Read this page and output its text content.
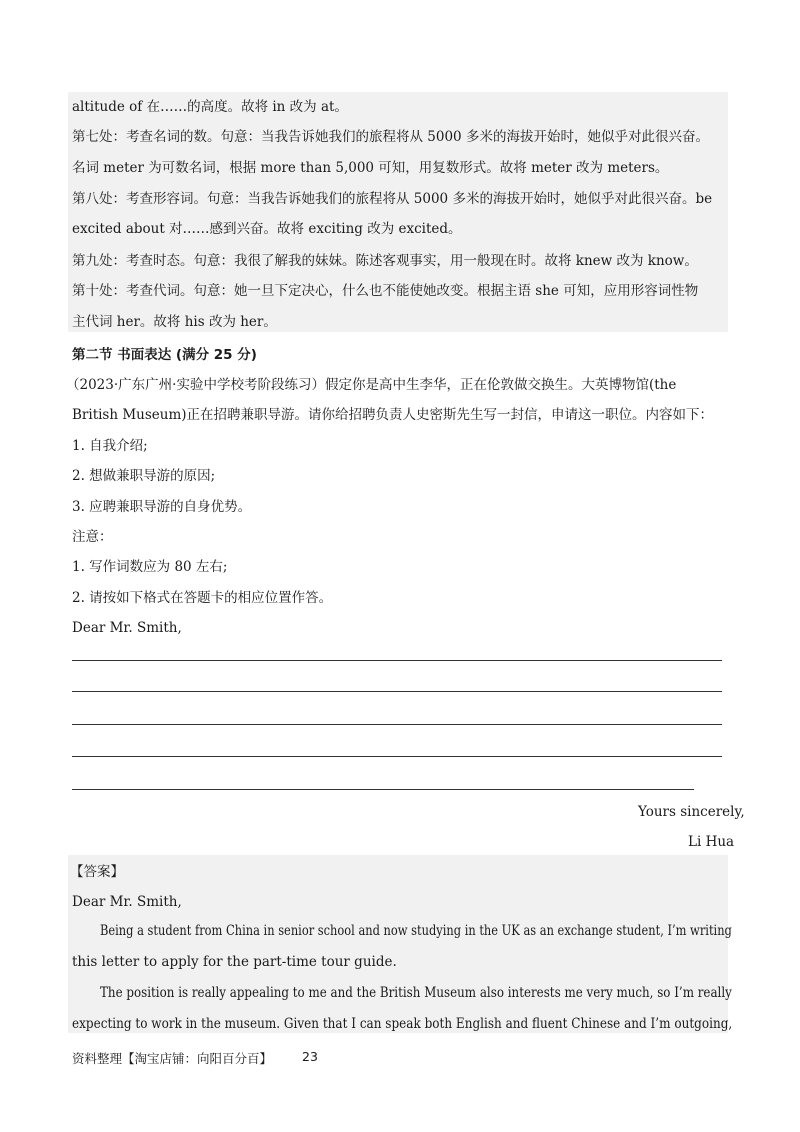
altitude of 在……的高度。故将 in 改为 at。
第七处：考查名词的数。句意：当我告诉她我们的旅程将从 5000 多米的海拔开始时，她似乎对此很兴奋。
名词 meter 为可数名词，根据 more than 5,000 可知，用复数形式。故将 meter 改为 meters。
第八处：考查形容词。句意：当我告诉她我们的旅程将从 5000 多米的海拔开始时，她似乎对此很兴奋。be
excited about 对……感到兴奋。故将 exciting 改为 excited。
第九处：考查时态。句意：我很了解我的妹妹。陈述客观事实，用一般现在时。故将 knew 改为 know。
第十处：考查代词。句意：她一旦下定决心，什么也不能使她改变。根据主语 she 可知，应用形容词性物
主代词 her。故将 his 改为 her。
第二节 书面表达 (满分 25 分)
（2023·广东广州·实验中学校考阶段练习）假定你是高中生李华，正在伦敦做交换生。大英博物馆(the
British Museum)正在招聘兼职导游。请你给招聘负责人史密斯先生写一封信，申请这一职位。内容如下：
1. 自我介绍;
2. 想做兼职导游的原因;
3. 应聘兼职导游的自身优势。
注意：
1. 写作词数应为 80 左右;
2. 请按如下格式在答题卡的相应位置作答。
Dear Mr. Smith,
Yours sincerely,
Li Hua
【答案】
Dear Mr. Smith,
Being a student from China in senior school and now studying in the UK as an exchange student, I’m writing
this letter to apply for the part-time tour guide.
The position is really appealing to me and the British Museum also interests me very much, so I’m really
expecting to work in the museum. Given that I can speak both English and fluent Chinese and I’m outgoing,
资料整理【淘宝店铺：向阳百分百】 23
